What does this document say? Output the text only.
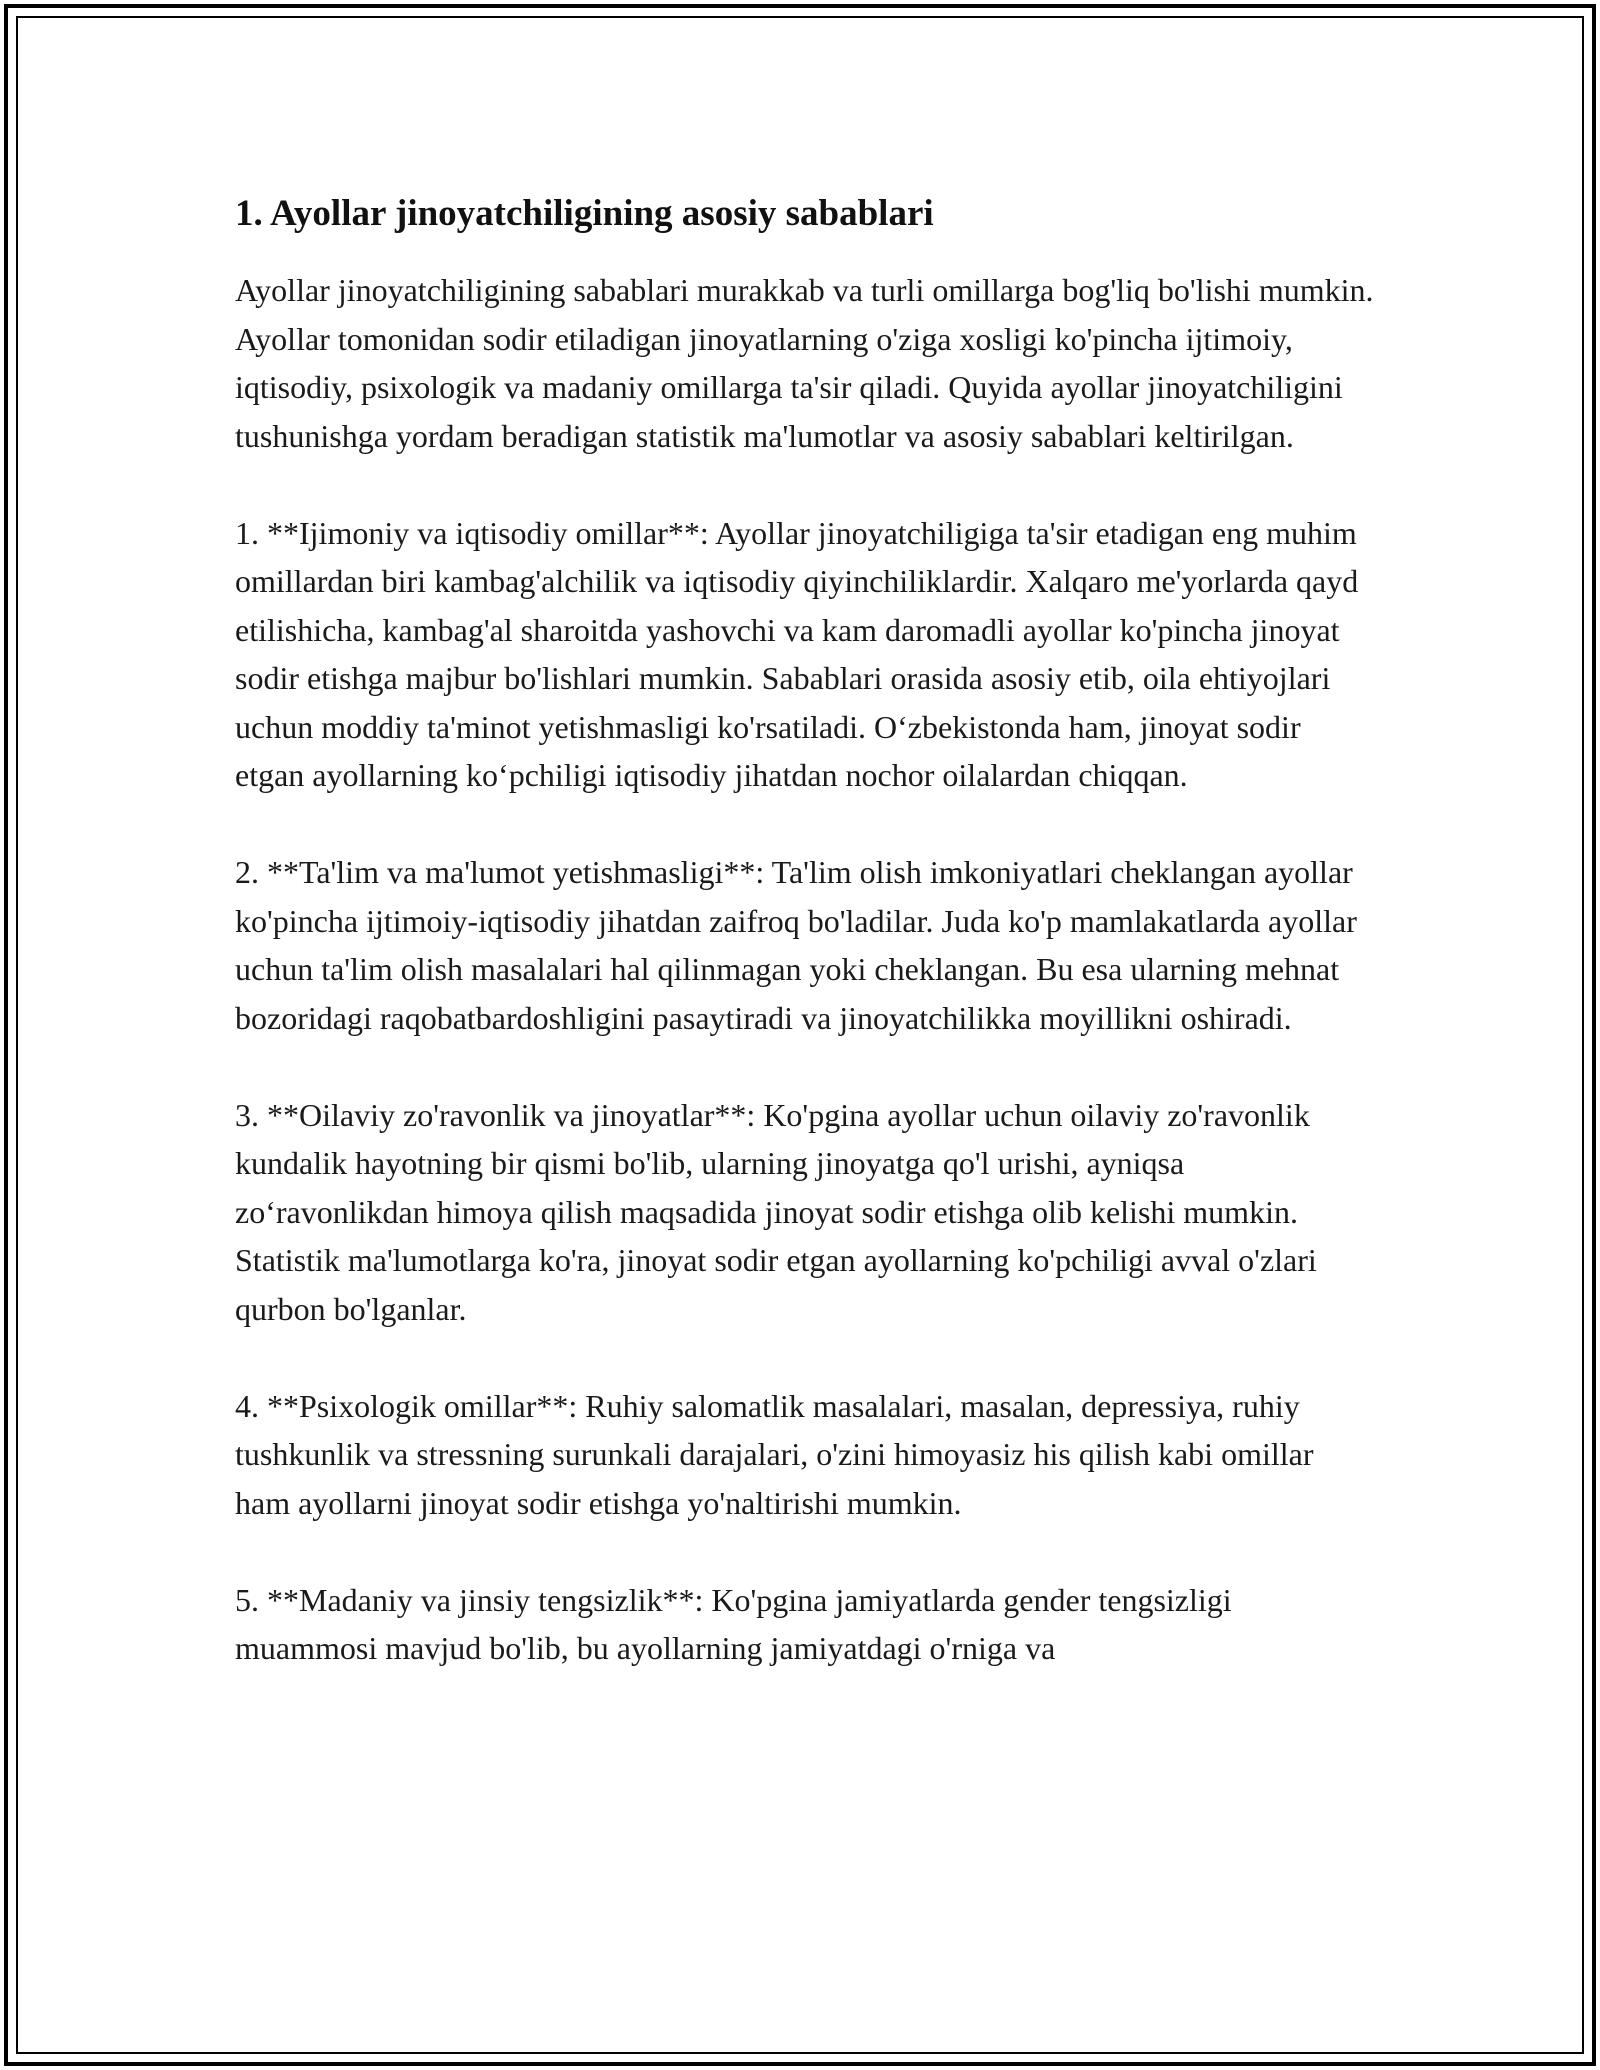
1. Ayollar jinoyatchiligining asosiy sabablari

Ayollar jinoyatchiligining sabablari murakkab va turli omillarga bog'liq bo'lishi mumkin. Ayollar tomonidan sodir etiladigan jinoyatlarning o'ziga xosligi ko'pincha ijtimoiy, iqtisodiy, psixologik va madaniy omillarga ta'sir qiladi. Quyida ayollar jinoyatchiligini tushunishga yordam beradigan statistik ma'lumotlar va asosiy sabablari keltirilgan.

1. **Ijimoniy va iqtisodiy omillar**: Ayollar jinoyatchiligiga ta'sir etadigan eng muhim omillardan biri kambag'alchilik va iqtisodiy qiyinchiliklardir. Xalqaro me'yorlarda qayd etilishicha, kambag'al sharoitda yashovchi va kam daromadli ayollar ko'pincha jinoyat sodir etishga majbur bo'lishlari mumkin. Sabablari orasida asosiy etib, oila ehtiyojlari uchun moddiy ta'minot yetishmasligi ko'rsatiladi. O‘zbekistonda ham, jinoyat sodir etgan ayollarning ko‘pchiligi iqtisodiy jihatdan nochor oilalardan chiqqan.

2. **Ta'lim va ma'lumot yetishmasligi**: Ta'lim olish imkoniyatlari cheklangan ayollar ko'pincha ijtimoiy-iqtisodiy jihatdan zaifroq bo'ladilar. Juda ko'p mamlakatlarda ayollar uchun ta'lim olish masalalari hal qilinmagan yoki cheklangan. Bu esa ularning mehnat bozoridagi raqobatbardoshligini pasaytiradi va jinoyatchilikka moyillikni oshiradi.

3. **Oilaviy zo'ravonlik va jinoyatlar**: Ko'pgina ayollar uchun oilaviy zo'ravonlik kundalik hayotning bir qismi bo'lib, ularning jinoyatga qo'l urishi, ayniqsa zo‘ravonlikdan himoya qilish maqsadida jinoyat sodir etishga olib kelishi mumkin. Statistik ma'lumotlarga ko'ra, jinoyat sodir etgan ayollarning ko'pchiligi avval o'zlari qurbon bo'lganlar.

4. **Psixologik omillar**: Ruhiy salomatlik masalalari, masalan, depressiya, ruhiy tushkunlik va stressning surunkali darajalari, o'zini himoyasiz his qilish kabi omillar ham ayollarni jinoyat sodir etishga yo'naltirishi mumkin.

5. **Madaniy va jinsiy tengsizlik**: Ko'pgina jamiyatlarda gender tengsizligi muammosi mavjud bo'lib, bu ayollarning jamiyatdagi o'rniga va
